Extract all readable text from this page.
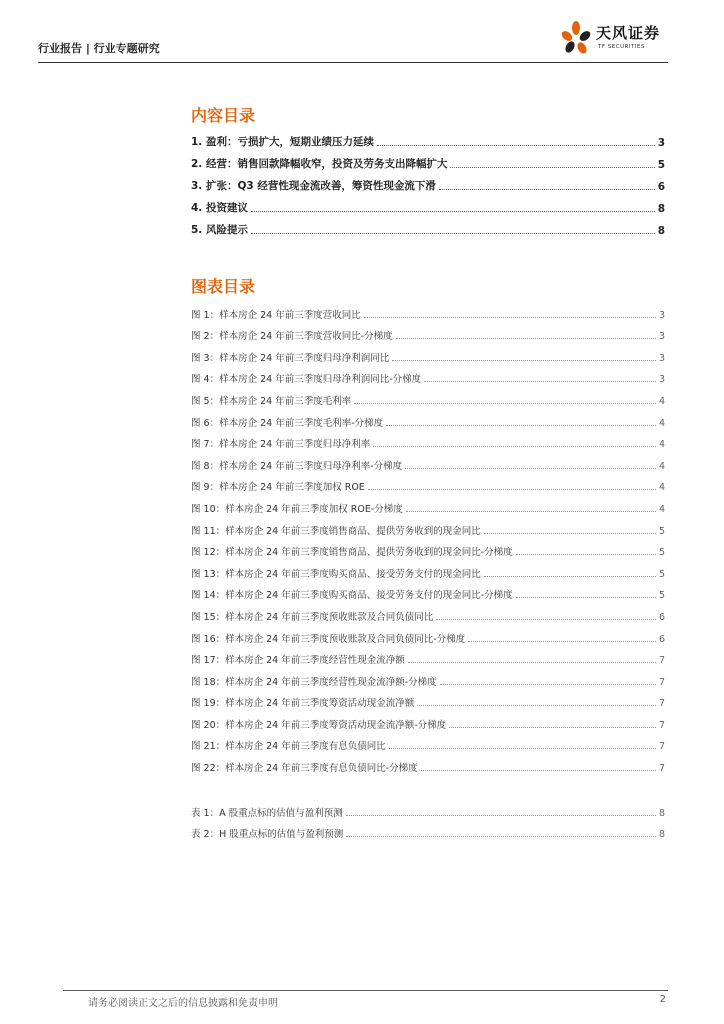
行业报告 | 行业专题研究
天风证券
TF SECURITIES
内容目录
1. 盈利：亏损扩大，短期业绩压力延续	3
2. 经营：销售回款降幅收窄，投资及劳务支出降幅扩大	5
3. 扩张：Q3 经营性现金流改善，筹资性现金流下滑	6
4. 投资建议	8
5. 风险提示	8
图表目录
图 1：样本房企 24 年前三季度营收同比	3
图 2：样本房企 24 年前三季度营收同比-分梯度	3
图 3：样本房企 24 年前三季度归母净利润同比	3
图 4：样本房企 24 年前三季度归母净利润同比-分梯度	3
图 5：样本房企 24 年前三季度毛利率	4
图 6：样本房企 24 年前三季度毛利率-分梯度	4
图 7：样本房企 24 年前三季度归母净利率	4
图 8：样本房企 24 年前三季度归母净利率-分梯度	4
图 9：样本房企 24 年前三季度加权 ROE	4
图 10：样本房企 24 年前三季度加权 ROE-分梯度	4
图 11：样本房企 24 年前三季度销售商品、提供劳务收到的现金同比	5
图 12：样本房企 24 年前三季度销售商品、提供劳务收到的现金同比-分梯度	5
图 13：样本房企 24 年前三季度购买商品、接受劳务支付的现金同比	5
图 14：样本房企 24 年前三季度购买商品、接受劳务支付的现金同比-分梯度	5
图 15：样本房企 24 年前三季度预收账款及合同负债同比	6
图 16：样本房企 24 年前三季度预收账款及合同负债同比-分梯度	6
图 17：样本房企 24 年前三季度经营性现金流净额	7
图 18：样本房企 24 年前三季度经营性现金流净额-分梯度	7
图 19：样本房企 24 年前三季度筹资活动现金流净额	7
图 20：样本房企 24 年前三季度筹资活动现金流净额-分梯度	7
图 21：样本房企 24 年前三季度有息负债同比	7
图 22：样本房企 24 年前三季度有息负债同比-分梯度	7
表 1：A 股重点标的估值与盈利预测	8
表 2：H 股重点标的估值与盈利预测	8
请务必阅读正文之后的信息披露和免责申明	2
